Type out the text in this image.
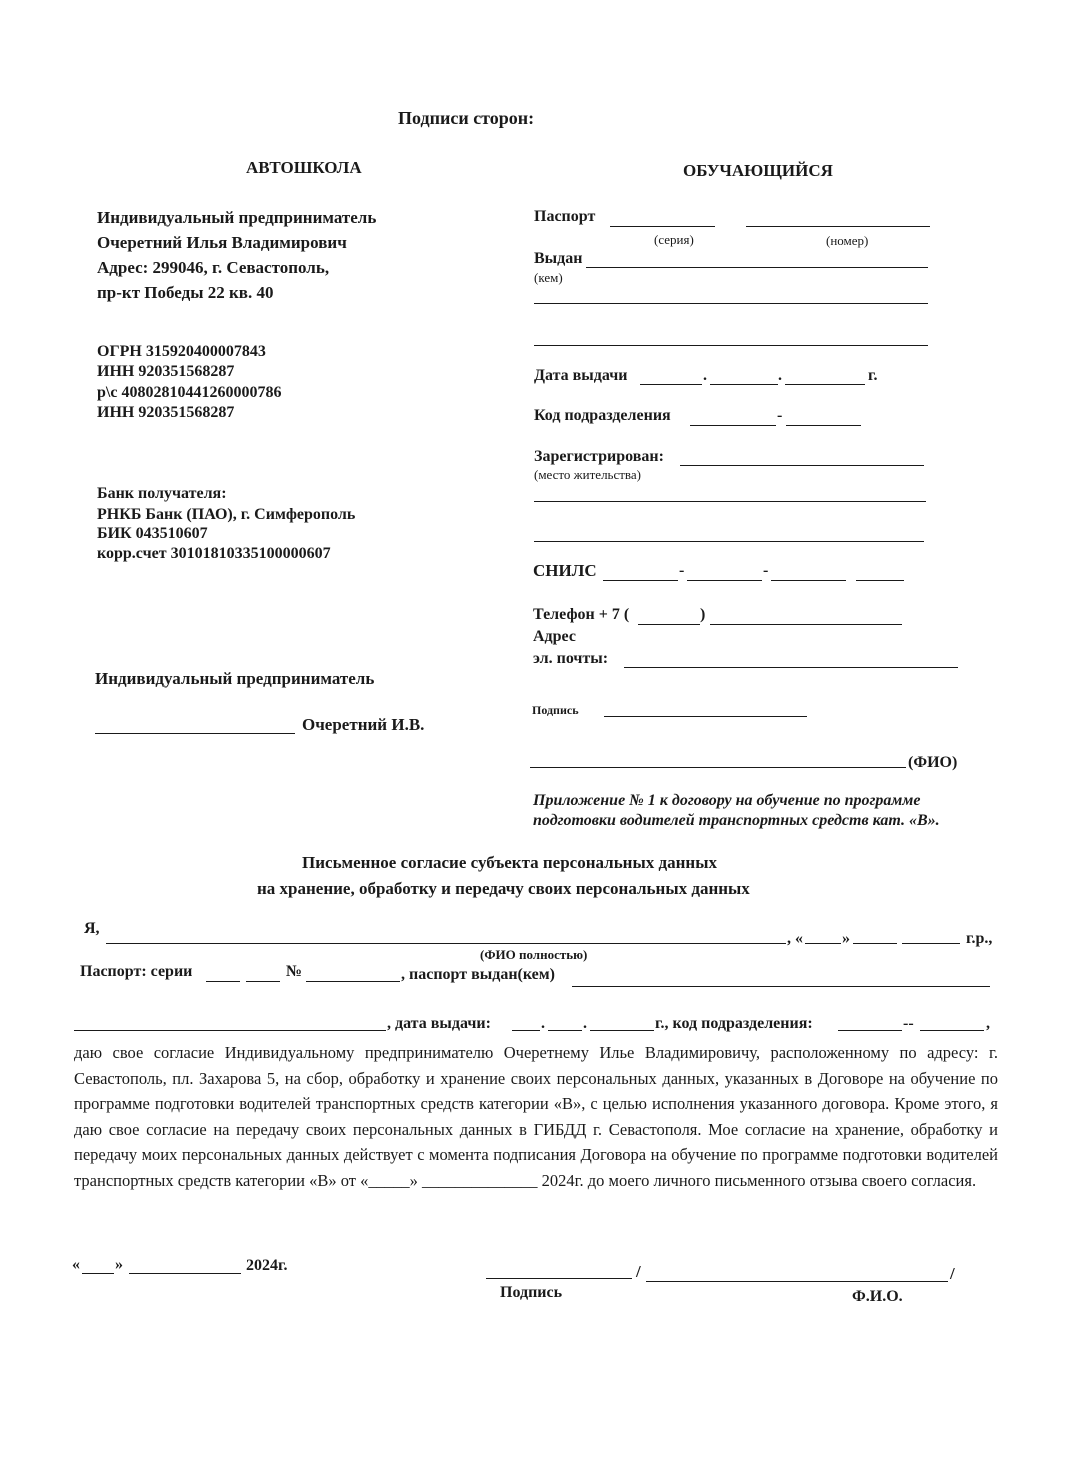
Подписи сторон:
АВТОШКОЛА	ОБУЧАЮЩИЙСЯ
Индивидуальный предприниматель
Очеретний Илья Владимирович
Адрес: 299046, г. Севастополь,
пр-кт Победы 22 кв. 40
ОГРН 315920400007843
ИНН 920351568287
р\с 40802810441260000786
ИНН 920351568287
Банк получателя:
РНКБ Банк (ПАО), г. Симферополь
БИК 043510607
корр.счет 30101810335100000607
Индивидуальный предприниматель
Очеретний И.В.
Паспорт
(серия)	(номер)
Выдан
(кем)
Дата выдачи	.	.	г.
Код подразделения	-
Зарегистрирован:
(место жительства)
СНИЛС	-	-
Телефон + 7 (	)
Адрес
эл. почты:
Подпись
(ФИО)
Приложение № 1 к договору на обучение по программе
подготовки водителей транспортных средств кат. «В».
Письменное согласие субъекта персональных данных
на хранение, обработку и передачу своих персональных данных
Я,
, « »	г.р.,
(ФИО полностью)
Паспорт: серии	№	, паспорт выдан(кем)
, дата выдачи:	. .	г., код подразделения:	--	,
даю свое согласие Индивидуальному предпринимателю Очеретнему Илье Владимировичу, расположенному по адресу: г. Севастополь, пл. Захарова 5, на сбор, обработку и хранение своих персональных данных, указанных в Договоре на обучение по программе подготовки водителей транспортных средств категории «В», с целью исполнения указанного договора. Кроме этого, я даю свое согласие на передачу своих персональных данных в ГИБДД г. Севастополя. Мое согласие на хранение, обработку и передачу моих персональных данных действует с момента подписания Договора на обучение по программе подготовки водителей транспортных средств категории «В» от «_____» ______________ 2024г. до моего личного письменного отзыва своего согласия.
« »	2024г.	/	/
Подпись	Ф.И.О.
